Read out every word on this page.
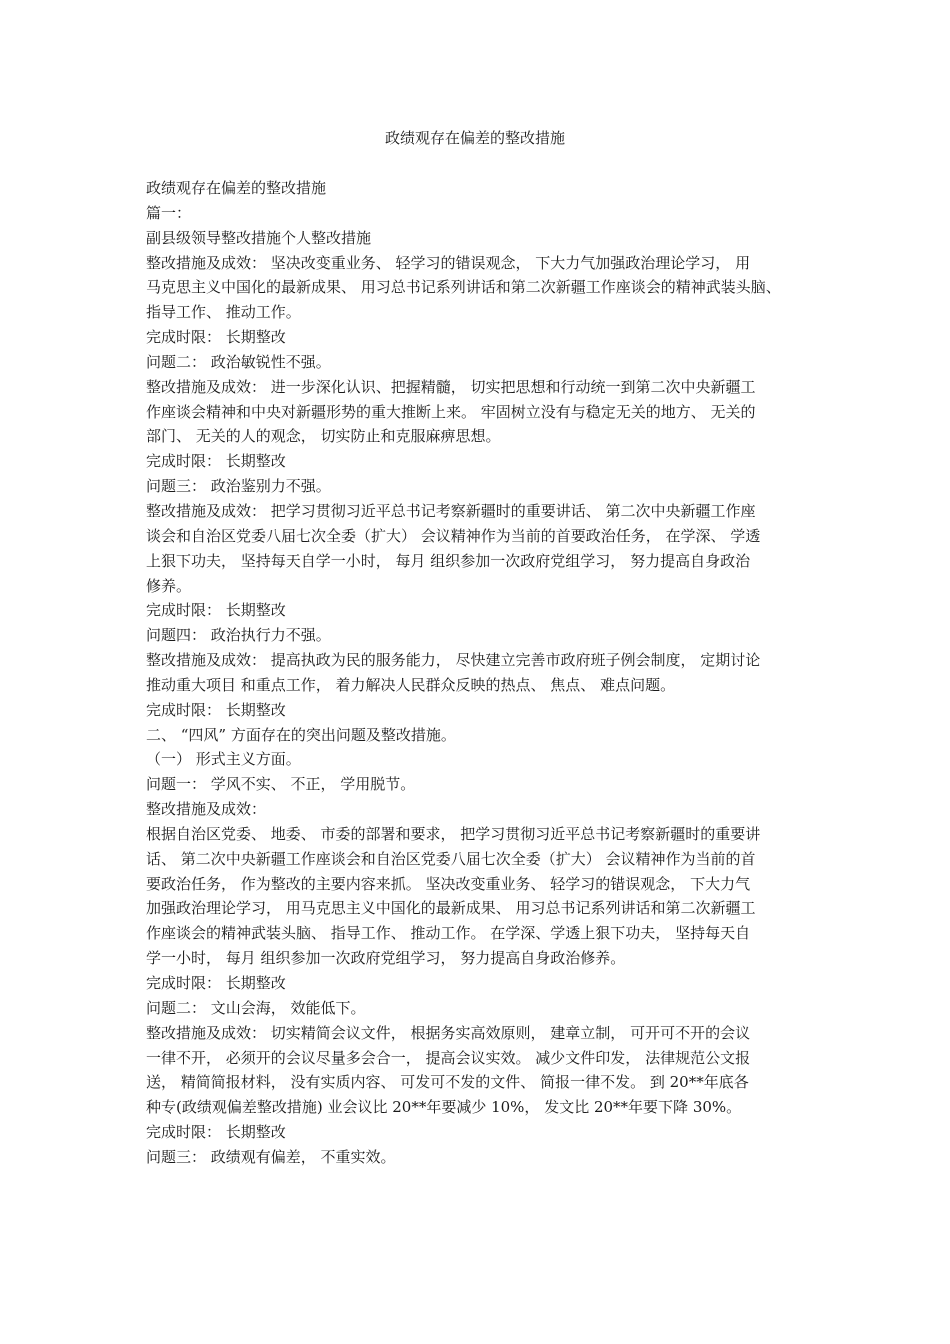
政绩观存在偏差的整改措施

政绩观存在偏差的整改措施

篇一：

副县级领导整改措施个人整改措施

整改措施及成效： 坚决改变重业务、 轻学习的错误观念， 下大力气加强政治理论学习， 用

马克思主义中国化的最新成果、 用习总书记系列讲话和第二次新疆工作座谈会的精神武装头脑、

指导工作、 推动工作。

完成时限： 长期整改

问题二： 政治敏锐性不强。

整改措施及成效： 进一步深化认识、把握精髓， 切实把思想和行动统一到第二次中央新疆工

作座谈会精神和中央对新疆形势的重大推断上来。 牢固树立没有与稳定无关的地方、 无关的

部门、 无关的人的观念， 切实防止和克服麻痹思想。

完成时限： 长期整改

问题三： 政治鉴别力不强。

整改措施及成效： 把学习贯彻习近平总书记考察新疆时的重要讲话、 第二次中央新疆工作座

谈会和自治区党委八届七次全委（扩大） 会议精神作为当前的首要政治任务， 在学深、 学透

上狠下功夫， 坚持每天自学一小时， 每月 组织参加一次政府党组学习， 努力提高自身政治

修养。

完成时限： 长期整改

问题四： 政治执行力不强。

整改措施及成效： 提高执政为民的服务能力， 尽快建立完善市政府班子例会制度， 定期讨论

推动重大项目 和重点工作， 着力解决人民群众反映的热点、 焦点、 难点问题。

完成时限： 长期整改

二、 “四风” 方面存在的突出问题及整改措施。

（一） 形式主义方面。

问题一： 学风不实、 不正， 学用脱节。

整改措施及成效：

根据自治区党委、 地委、 市委的部署和要求， 把学习贯彻习近平总书记考察新疆时的重要讲

话、 第二次中央新疆工作座谈会和自治区党委八届七次全委（扩大） 会议精神作为当前的首

要政治任务， 作为整改的主要内容来抓。 坚决改变重业务、 轻学习的错误观念， 下大力气

加强政治理论学习， 用马克思主义中国化的最新成果、 用习总书记系列讲话和第二次新疆工

作座谈会的精神武装头脑、 指导工作、 推动工作。 在学深、学透上狠下功夫， 坚持每天自

学一小时， 每月 组织参加一次政府党组学习， 努力提高自身政治修养。

完成时限： 长期整改

问题二： 文山会海， 效能低下。

整改措施及成效： 切实精简会议文件， 根据务实高效原则， 建章立制， 可开可不开的会议

一律不开， 必须开的会议尽量多会合一， 提高会议实效。 减少文件印发， 法律规范公文报

送， 精简简报材料， 没有实质内容、 可发可不发的文件、 简报一律不发。 到 20**年底各

种专(政绩观偏差整改措施) 业会议比 20**年要减少 10%， 发文比 20**年要下降 30%。

完成时限： 长期整改

问题三： 政绩观有偏差， 不重实效。
